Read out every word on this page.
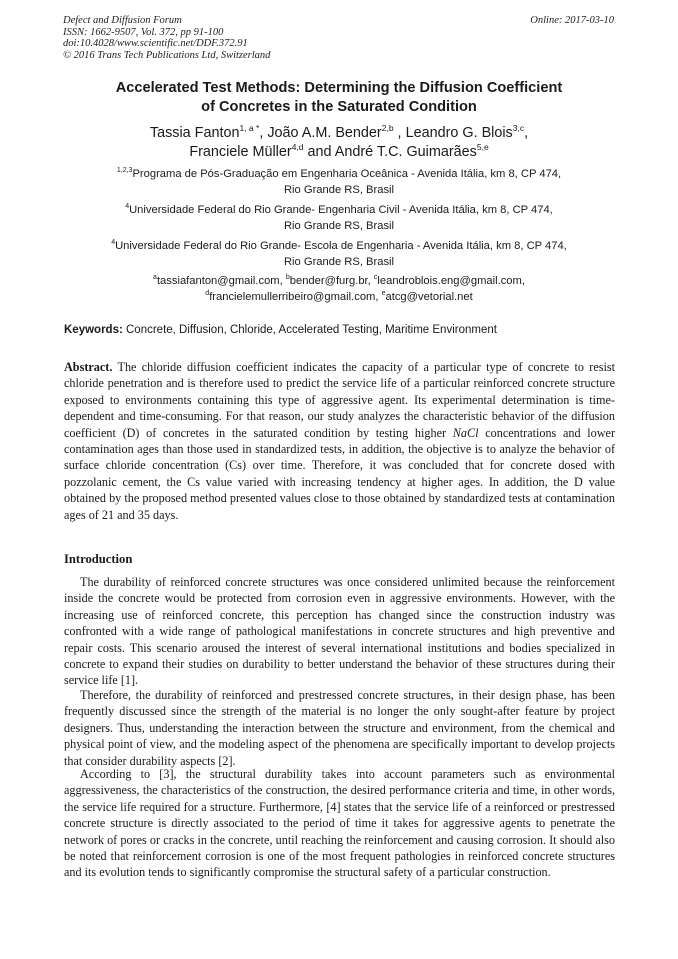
Defect and Diffusion Forum
ISSN: 1662-9507, Vol. 372, pp 91-100
doi:10.4028/www.scientific.net/DDF.372.91
© 2016 Trans Tech Publications Ltd, Switzerland
Online: 2017-03-10
Accelerated Test Methods: Determining the Diffusion Coefficient
of Concretes in the Saturated Condition
Tassia Fanton$^{1, a *}$, João A.M. Bender$^{2,b}$ , Leandro G. Blois$^{3,c}$,
Franciele Müller$^{4,d}$ and André T.C. Guimarães$^{5,e}$
$^{1,2,3}$Programa de Pós-Graduação em Engenharia Oceânica - Avenida Itália, km 8, CP 474,
Rio Grande RS, Brasil
$^4$Universidade Federal do Rio Grande- Engenharia Civil - Avenida Itália, km 8, CP 474,
Rio Grande RS, Brasil
$^4$Universidade Federal do Rio Grande- Escola de Engenharia - Avenida Itália, km 8, CP 474,
Rio Grande RS, Brasil
$^a$tassiafanton@gmail.com, $^b$bender@furg.br, $^c$leandroblois.eng@gmail.com,
$^d$francielemullerribeiro@gmail.com, $^e$atcg@vetorial.net
Keywords: Concrete, Diffusion, Chloride, Accelerated Testing, Maritime Environment
Abstract. The chloride diffusion coefficient indicates the capacity of a particular type of concrete to resist chloride penetration and is therefore used to predict the service life of a particular reinforced concrete structure exposed to environments containing this type of aggressive agent. Its experimental determination is time-dependent and time-consuming. For that reason, our study analyzes the characteristic behavior of the diffusion coefficient (D) of concretes in the saturated condition by testing higher NaCl concentrations and lower contamination ages than those used in standardized tests, in addition, the objective is to analyze the behavior of surface chloride concentration (Cs) over time. Therefore, it was concluded that for concrete dosed with pozzolanic cement, the Cs value varied with increasing tendency at higher ages. In addition, the D value obtained by the proposed method presented values close to those obtained by standardized tests at contamination ages of 21 and 35 days.
Introduction

The durability of reinforced concrete structures was once considered unlimited because the reinforcement inside the concrete would be protected from corrosion even in aggressive environments. However, with the increasing use of reinforced concrete, this perception has changed since the construction industry was confronted with a wide range of pathological manifestations in concrete structures and high preventive and repair costs. This scenario aroused the interest of several international institutions and bodies specialized in concrete to expand their studies on durability to better understand the behavior of these structures during their service life [1].

Therefore, the durability of reinforced and prestressed concrete structures, in their design phase, has been frequently discussed since the strength of the material is no longer the only sought-after feature by project designers. Thus, understanding the interaction between the structure and environment, from the chemical and physical point of view, and the modeling aspect of the phenomena are specifically important to develop projects that consider durability aspects [2].

According to [3], the structural durability takes into account parameters such as environmental aggressiveness, the characteristics of the construction, the desired performance criteria and time, in other words, the service life required for a structure. Furthermore, [4] states that the service life of a reinforced or prestressed concrete structure is directly associated to the period of time it takes for aggressive agents to penetrate the network of pores or cracks in the concrete, until reaching the reinforcement and causing corrosion. It should also be noted that reinforcement corrosion is one of the most frequent pathologies in reinforced concrete structures and its evolution tends to significantly compromise the structural safety of a particular construction.
